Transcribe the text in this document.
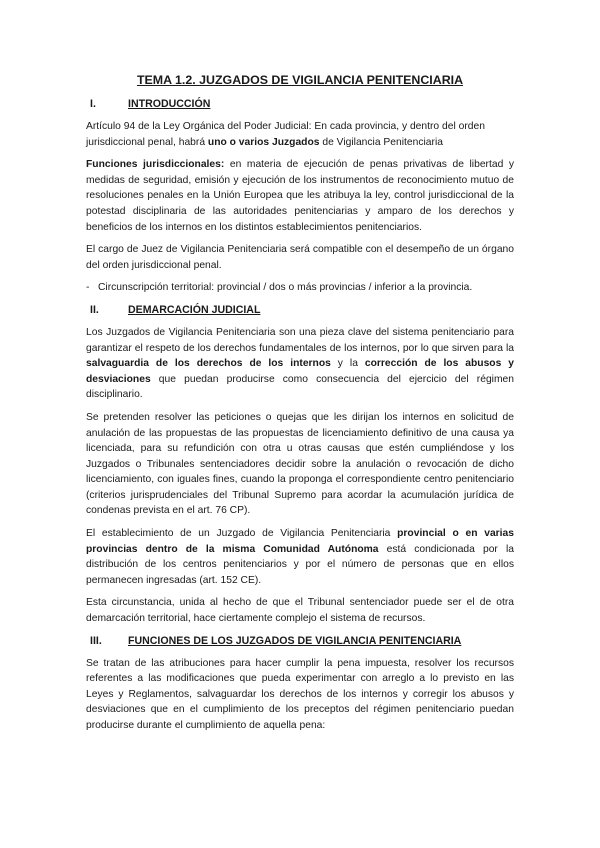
TEMA 1.2. JUZGADOS DE VIGILANCIA PENITENCIARIA
I.	INTRODUCCIÓN

Artículo 94 de la Ley Orgánica del Poder Judicial: En cada provincia, y dentro del orden jurisdiccional penal, habrá uno o varios Juzgados de Vigilancia Penitenciaria

Funciones jurisdiccionales: en materia de ejecución de penas privativas de libertad y medidas de seguridad, emisión y ejecución de los instrumentos de reconocimiento mutuo de resoluciones penales en la Unión Europea que les atribuya la ley, control jurisdiccional de la potestad disciplinaria de las autoridades penitenciarias y amparo de los derechos y beneficios de los internos en los distintos establecimientos penitenciarios.

El cargo de Juez de Vigilancia Penitenciaria será compatible con el desempeño de un órgano del orden jurisdiccional penal.

- Circunscripción territorial: provincial / dos o más provincias / inferior a la provincia.
II.	DEMARCACIÓN JUDICIAL

Los Juzgados de Vigilancia Penitenciaria son una pieza clave del sistema penitenciario para garantizar el respeto de los derechos fundamentales de los internos, por lo que sirven para la salvaguardia de los derechos de los internos y la corrección de los abusos y desviaciones que puedan producirse como consecuencia del ejercicio del régimen disciplinario.

Se pretenden resolver las peticiones o quejas que les dirijan los internos en solicitud de anulación de las propuestas de las propuestas de licenciamiento definitivo de una causa ya licenciada, para su refundición con otra u otras causas que estén cumpliéndose y los Juzgados o Tribunales sentenciadores decidir sobre la anulación o revocación de dicho licenciamiento, con iguales fines, cuando la proponga el correspondiente centro penitenciario (criterios jurisprudenciales del Tribunal Supremo para acordar la acumulación jurídica de condenas prevista en el art. 76 CP).

El establecimiento de un Juzgado de Vigilancia Penitenciaria provincial o en varias provincias dentro de la misma Comunidad Autónoma está condicionada por la distribución de los centros penitenciarios y por el número de personas que en ellos permanecen ingresadas (art. 152 CE).

Esta circunstancia, unida al hecho de que el Tribunal sentenciador puede ser el de otra demarcación territorial, hace ciertamente complejo el sistema de recursos.

III.	FUNCIONES DE LOS JUZGADOS DE VIGILANCIA PENITENCIARIA

Se tratan de las atribuciones para hacer cumplir la pena impuesta, resolver los recursos referentes a las modificaciones que pueda experimentar con arreglo a lo previsto en las Leyes y Reglamentos, salvaguardar los derechos de los internos y corregir los abusos y desviaciones que en el cumplimiento de los preceptos del régimen penitenciario puedan producirse durante el cumplimiento de aquella pena:
